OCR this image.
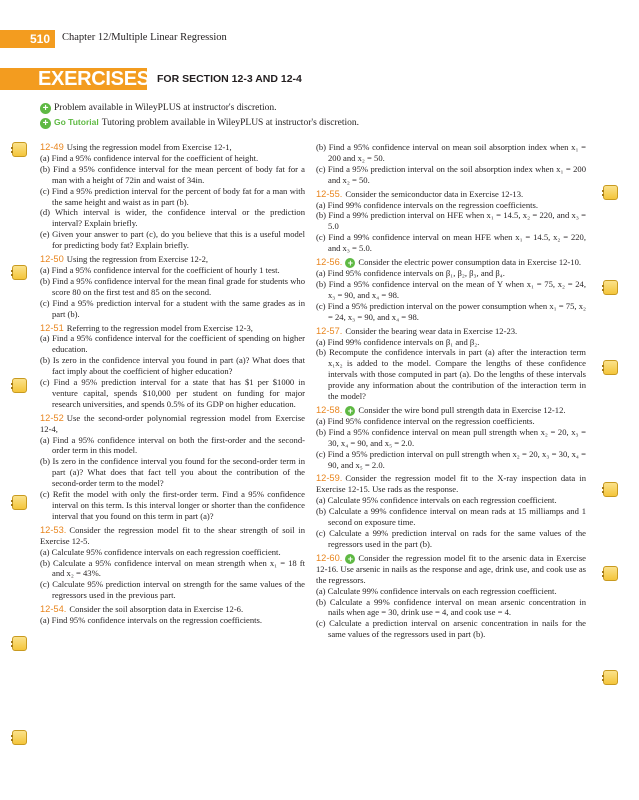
510	Chapter 12/Multiple Linear Regression
EXERCISES FOR SECTION 12-3 AND 12-4
+ Problem available in WileyPLUS at instructor's discretion.
+ Go Tutorial Tutoring problem available in WileyPLUS at instructor's discretion.
12-49 Using the regression model from Exercise 12-1,
(a) Find a 95% confidence interval for the coefficient of height.
(b) Find a 95% confidence interval for the mean percent of body fat for a man with a height of 72in and waist of 34in.
(c) Find a 95% prediction interval for the percent of body fat for a man with the same height and waist as in part (b).
(d) Which interval is wider, the confidence interval or the prediction interval? Explain briefly.
(e) Given your answer to part (c), do you believe that this is a useful model for predicting body fat? Explain briefly.
12-50 Using the regression from Exercise 12-2,
(a) Find a 95% confidence interval for the coefficient of hourly 1 test.
(b) Find a 95% confidence interval for the mean final grade for students who score 80 on the first test and 85 on the second.
(c) Find a 95% prediction interval for a student with the same grades as in part (b).
12-51 Referring to the regression model from Exercise 12-3,
(a) Find a 95% confidence interval for the coefficient of spending on higher education.
(b) Is zero in the confidence interval you found in part (a)? What does that fact imply about the coefficient of higher education?
(c) Find a 95% prediction interval for a state that has $1 per $1000 in venture capital, spends $10,000 per student on funding for major research universities, and spends 0.5% of its GDP on higher education.
12-52 Use the second-order polynomial regression model from Exercise 12-4,
(a) Find a 95% confidence interval on both the first-order and the second-order term in this model.
(b) Is zero in the confidence interval you found for the second-order term in part (a)? What does that fact tell you about the contribution of the second-order term to the model?
(c) Refit the model with only the first-order term. Find a 95% confidence interval on this term. Is this interval longer or shorter than the confidence interval that you found on this term in part (a)?
12-53. Consider the regression model fit to the shear strength of soil in Exercise 12-5.
(a) Calculate 95% confidence intervals on each regression coefficient.
(b) Calculate a 95% confidence interval on mean strength when x₁ = 18 ft and x₂ = 43%.
(c) Calculate 95% prediction interval on strength for the same values of the regressors used in the previous part.
12-54. Consider the soil absorption data in Exercise 12-6.
(a) Find 95% confidence intervals on the regression coefficients.
(b) Find a 95% confidence interval on mean soil absorption index when x₁ = 200 and x₂ = 50.
(c) Find a 95% prediction interval on the soil absorption index when x₁ = 200 and x₂ = 50.
12-55. Consider the semiconductor data in Exercise 12-13.
(a) Find 99% confidence intervals on the regression coefficients.
(b) Find a 99% prediction interval on HFE when x₁ = 14.5, x₂ = 220, and x₃ = 5.0
(c) Find a 99% confidence interval on mean HFE when x₁ = 14.5, x₂ = 220, and x₃ = 5.0.
12-56. + Consider the electric power consumption data in Exercise 12-10.
(a) Find 95% confidence intervals on β₁, β₂, β₃, and β₄.
(b) Find a 95% confidence interval on the mean of Y when x₁ = 75, x₂ = 24, x₃ = 90, and x₄ = 98.
(c) Find a 95% prediction interval on the power consumption when x₁ = 75, x₂ = 24, x₃ = 90, and x₄ = 98.
12-57. Consider the bearing wear data in Exercise 12-23.
(a) Find 99% confidence intervals on β₁ and β₂.
(b) Recompute the confidence intervals in part (a) after the interaction term x₁x₂ is added to the model. Compare the lengths of these confidence intervals with those computed in part (a). Do the lengths of these intervals provide any information about the contribution of the interaction term in the model?
12-58. + Consider the wire bond pull strength data in Exercise 12-12.
(a) Find 95% confidence interval on the regression coefficients.
(b) Find a 95% confidence interval on mean pull strength when x₂ = 20, x₃ = 30, x₄ = 90, and x₅ = 2.0.
(c) Find a 95% prediction interval on pull strength when x₂ = 20, x₃ = 30, x₄ = 90, and x₅ = 2.0.
12-59. Consider the regression model fit to the X-ray inspection data in Exercise 12-15. Use rads as the response.
(a) Calculate 95% confidence intervals on each regression coefficient.
(b) Calculate a 99% confidence interval on mean rads at 15 milliamps and 1 second on exposure time.
(c) Calculate a 99% prediction interval on rads for the same values of the regressors used in the part (b).
12-60. + Consider the regression model fit to the arsenic data in Exercise 12-16. Use arsenic in nails as the response and age, drink use, and cook use as the regressors.
(a) Calculate 99% confidence intervals on each regression coefficient.
(b) Calculate a 99% confidence interval on mean arsenic concentration in nails when age = 30, drink use = 4, and cook use = 4.
(c) Calculate a prediction interval on arsenic concentration in nails for the same values of the regressors used in part (b).
